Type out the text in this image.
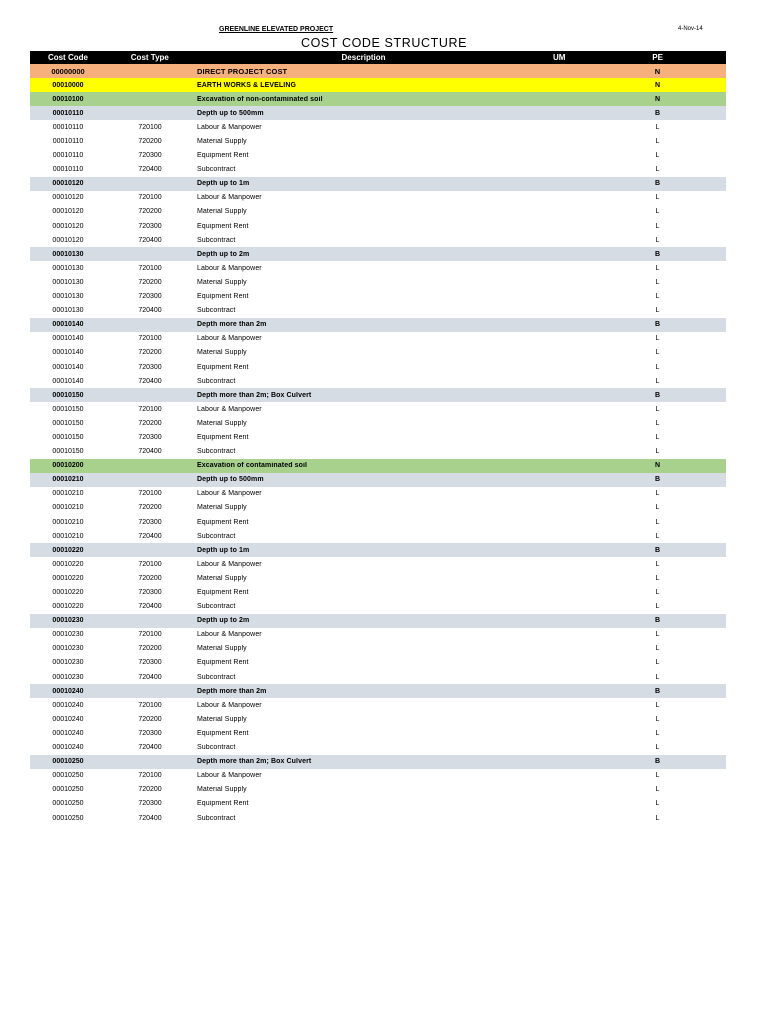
GREENLINE ELEVATED PROJECT	4-Nov-14
COST CODE STRUCTURE
Cost Code	Cost Type	Description	UM	PE
00000000	DIRECT PROJECT COST	N
00010000	EARTH WORKS & LEVELING	N
00010100	Excavation of non-contaminated soil	N
00010110	Depth up to 500mm	B
00010110	720100	Labour & Manpower	L
00010110	720200	Material Supply	L
00010110	720300	Equipment Rent	L
00010110	720400	Subcontract	L
00010120	Depth up to 1m	B
00010120	720100	Labour & Manpower	L
00010120	720200	Material Supply	L
00010120	720300	Equipment Rent	L
00010120	720400	Subcontract	L
00010130	Depth up to 2m	B
00010130	720100	Labour & Manpower	L
00010130	720200	Material Supply	L
00010130	720300	Equipment Rent	L
00010130	720400	Subcontract	L
00010140	Depth more than 2m	B
00010140	720100	Labour & Manpower	L
00010140	720200	Material Supply	L
00010140	720300	Equipment Rent	L
00010140	720400	Subcontract	L
00010150	Depth more than 2m; Box Culvert	B
00010150	720100	Labour & Manpower	L
00010150	720200	Material Supply	L
00010150	720300	Equipment Rent	L
00010150	720400	Subcontract	L
00010200	Excavation of contaminated soil	N
00010210	Depth up to 500mm	B
00010210	720100	Labour & Manpower	L
00010210	720200	Material Supply	L
00010210	720300	Equipment Rent	L
00010210	720400	Subcontract	L
00010220	Depth up to 1m	B
00010220	720100	Labour & Manpower	L
00010220	720200	Material Supply	L
00010220	720300	Equipment Rent	L
00010220	720400	Subcontract	L
00010230	Depth up to 2m	B
00010230	720100	Labour & Manpower	L
00010230	720200	Material Supply	L
00010230	720300	Equipment Rent	L
00010230	720400	Subcontract	L
00010240	Depth more than 2m	B
00010240	720100	Labour & Manpower	L
00010240	720200	Material Supply	L
00010240	720300	Equipment Rent	L
00010240	720400	Subcontract	L
00010250	Depth more than 2m; Box Culvert	B
00010250	720100	Labour & Manpower	L
00010250	720200	Material Supply	L
00010250	720300	Equipment Rent	L
00010250	720400	Subcontract	L
